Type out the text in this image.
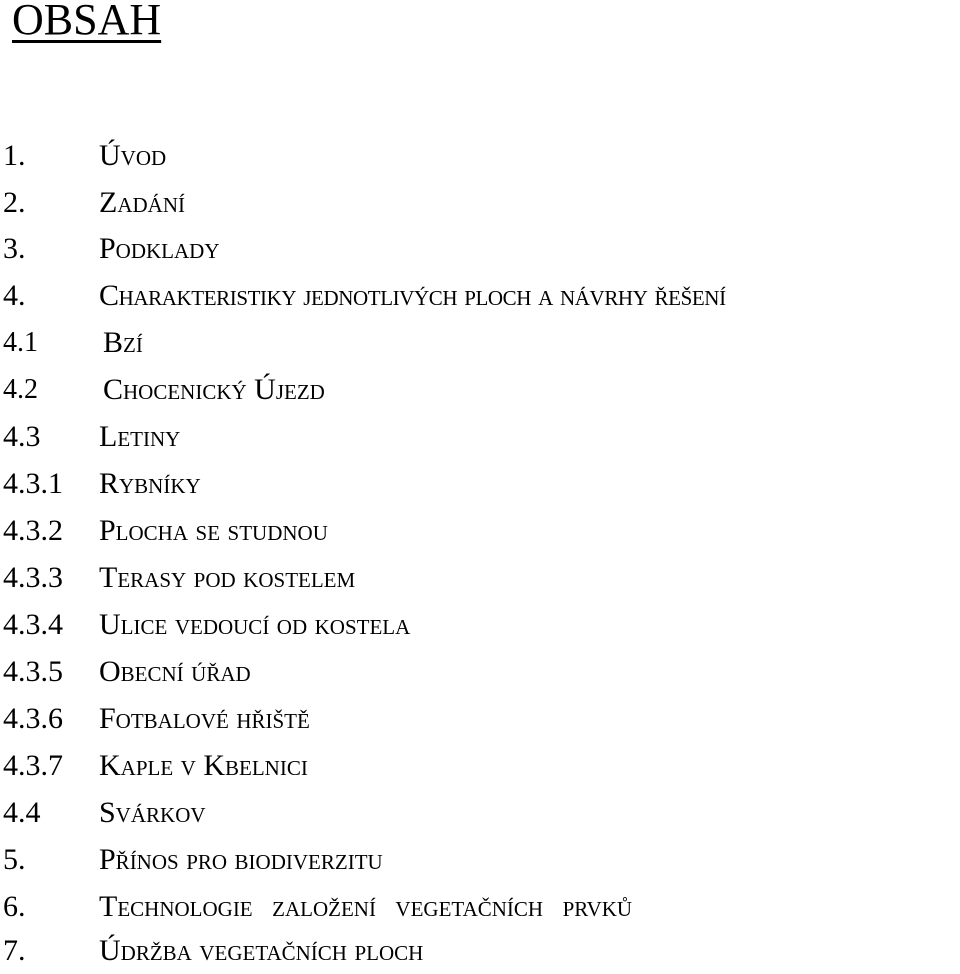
OBSAH
1. Úvod
2. Zadání
3. Podklady
4. Charakteristiky jednotlivých ploch a návrhy řešení
4.1 Bzí
4.2 Chocenický Újezd
4.3 Letiny
4.3.1 Rybníky
4.3.2 Plocha se studnou
4.3.3 Terasy pod kostelem
4.3.4 Ulice vedoucí od kostela
4.3.5 Obecní úřad
4.3.6 Fotbalové hřiště
4.3.7 Kaple v Kbelnici
4.4 Svárkov
5. Přínos pro biodiverzitu
6. Technologie založení vegetačních prvků
7. Údržba vegetačních ploch
